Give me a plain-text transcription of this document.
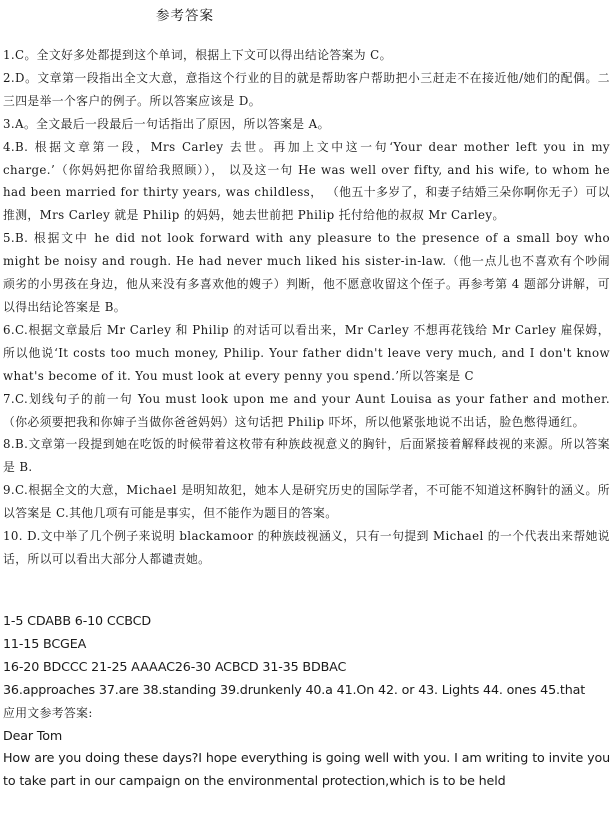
参考答案

1.C。全文好多处都提到这个单词，根据上下文可以得出结论答案为 C。

2.D。文章第一段指出全文大意，意指这个行业的目的就是帮助客户帮助把小三赶走不在接近他/她们的配偶。二三四是举一个客户的例子。所以答案应该是 D。

3.A。全文最后一段最后一句话指出了原因，所以答案是 A。

4.B. 根据文章第一段，Mrs Carley 去世。再加上文中这一句‘Your dear mother left you in my charge.’（你妈妈把你留给我照顾））， 以及这一句 He was well over fifty, and his wife, to whom he had been married for thirty years, was childless， （他五十多岁了，和妻子结婚三朵你啊你无子）可以推测，Mrs Carley 就是 Philip 的妈妈，她去世前把 Philip 托付给他的叔叔 Mr Carley。

5.B. 根据文中 he did not look forward with any pleasure to the presence of a small boy who might be noisy and rough. He had never much liked his sister-in-law.（他一点儿也不喜欢有个吵闹顽劣的小男孩在身边，他从来没有多喜欢他的嫂子）判断，他不愿意收留这个侄子。再参考第 4 题部分讲解，可以得出结论答案是 B。

6.C.根据文章最后 Mr Carley 和 Philip 的对话可以看出来，Mr Carley 不想再花钱给 Mr Carley 雇保姆，所以他说‘It costs too much money, Philip. Your father didn't leave very much, and I don't know what's become of it. You must look at every penny you spend.’所以答案是 C

7.C.划线句子的前一句 You must look upon me and your Aunt Louisa as your father and mother.（你必须要把我和你婶子当做你爸爸妈妈）这句话把 Philip 吓坏，所以他紧张地说不出话，脸色憋得通红。

8.B.文章第一段提到她在吃饭的时候带着这枚带有种族歧视意义的胸针，后面紧接着解释歧视的来源。所以答案是 B.

9.C.根据全文的大意，Michael 是明知故犯，她本人是研究历史的国际学者，不可能不知道这杯胸针的涵义。所以答案是 C.其他几项有可能是事实，但不能作为题目的答案。

10. D.文中举了几个例子来说明 blackamoor 的种族歧视涵义，只有一句提到 Michael 的一个代表出来帮她说话，所以可以看出大部分人都谴责她。

1-5 CDABB 6-10 CCBCD

11-15 BCGEA

16-20 BDCCC 21-25 AAAAC26-30 ACBCD 31-35 BDBAC

36.approaches 37.are 38.standing 39.drunkenly 40.a 41.On 42. or 43. Lights 44. ones 45.that

应用文参考答案:

Dear Tom

How are you doing these days?I hope everything is going well with you. I am writing to invite you to take part in our campaign on the environmental protection,which is to be held
